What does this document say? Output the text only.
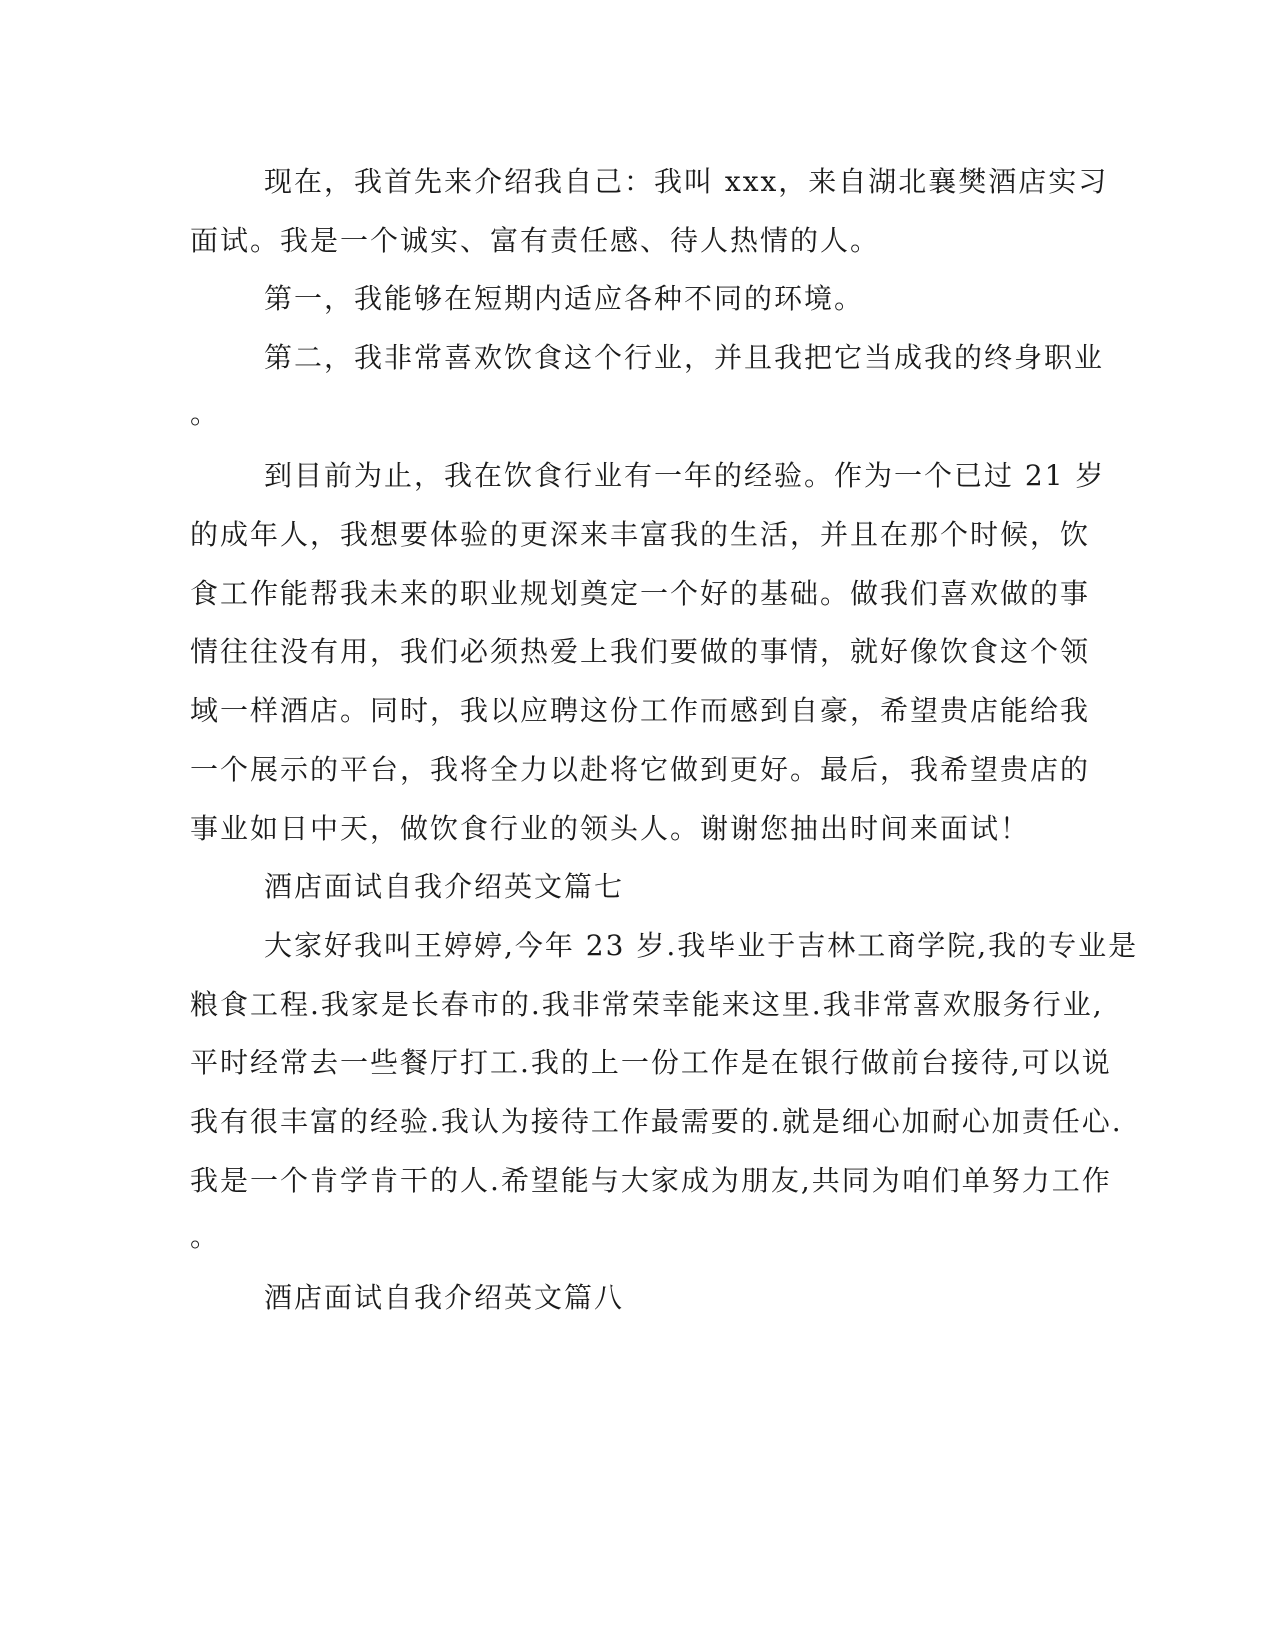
现在，我首先来介绍我自己：我叫 xxx，来自湖北襄樊酒店实习
面试。我是一个诚实、富有责任感、待人热情的人。
第一，我能够在短期内适应各种不同的环境。
第二，我非常喜欢饮食这个行业，并且我把它当成我的终身职业
。
到目前为止，我在饮食行业有一年的经验。作为一个已过 21 岁
的成年人，我想要体验的更深来丰富我的生活，并且在那个时候，饮
食工作能帮我未来的职业规划奠定一个好的基础。做我们喜欢做的事
情往往没有用，我们必须热爱上我们要做的事情，就好像饮食这个领
域一样酒店。同时，我以应聘这份工作而感到自豪，希望贵店能给我
一个展示的平台，我将全力以赴将它做到更好。最后，我希望贵店的
事业如日中天，做饮食行业的领头人。谢谢您抽出时间来面试！
酒店面试自我介绍英文篇七
大家好我叫王婷婷,今年 23 岁.我毕业于吉林工商学院,我的专业是
粮食工程.我家是长春市的.我非常荣幸能来这里.我非常喜欢服务行业,
平时经常去一些餐厅打工.我的上一份工作是在银行做前台接待,可以说
我有很丰富的经验.我认为接待工作最需要的.就是细心加耐心加责任心.
我是一个肯学肯干的人.希望能与大家成为朋友,共同为咱们单努力工作
。
酒店面试自我介绍英文篇八
